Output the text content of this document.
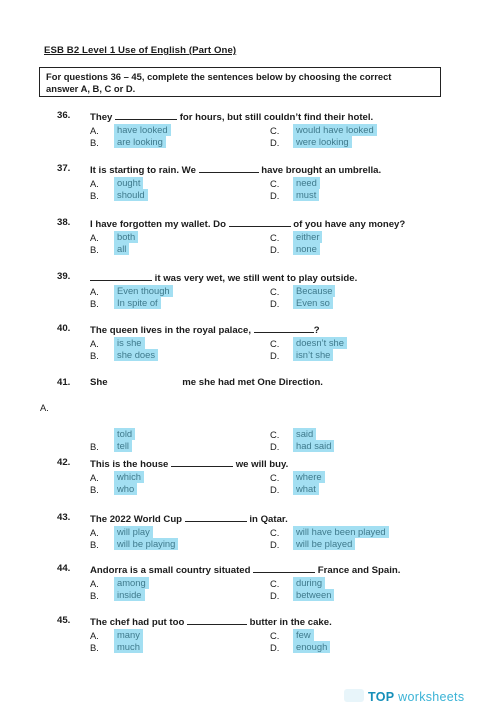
ESB B2 Level 1 Use of English (Part One)
For questions 36 – 45, complete the sentences below by choosing the correct
answer A, B, C or D.
36. They	for hours, but still couldn’t find their hotel.
A.	have looked
B.	are looking
C.	would have looked
D.	were looking
37. It is starting to rain. We	have brought an umbrella.
A.	ought
B.	should
C.	need
D.	must
38. I have forgotten my wallet. Do	of you have any money?
A.	both
B.	all
C.	either
D.	none
39.	it was very wet, we still went to play outside.
A.	Even though
B.	In spite of
C.	Because
D.	Even so
40. The queen lives in the royal palace,	?
A.	is she
B.	she does
C.	doesn’t she
D.	isn’t she
41. She                            me she had met One Direction.
told
B.	tell
C.	said
D.	had said
42. This is the house	we will buy.
A.	which
B.	who
C.	where
D.	what
43. The 2022 World Cup	in Qatar.
A.	will play
B.	will be playing
C.	will have been played
D.	will be played
44. Andorra is a small country situated	France and Spain.
A.	among
B.	inside
C.	during
D.	between
45. The chef had put too	butter in the cake.
A.	many
B.	much
C.	few
D.	enough
A.
TOP worksheets
